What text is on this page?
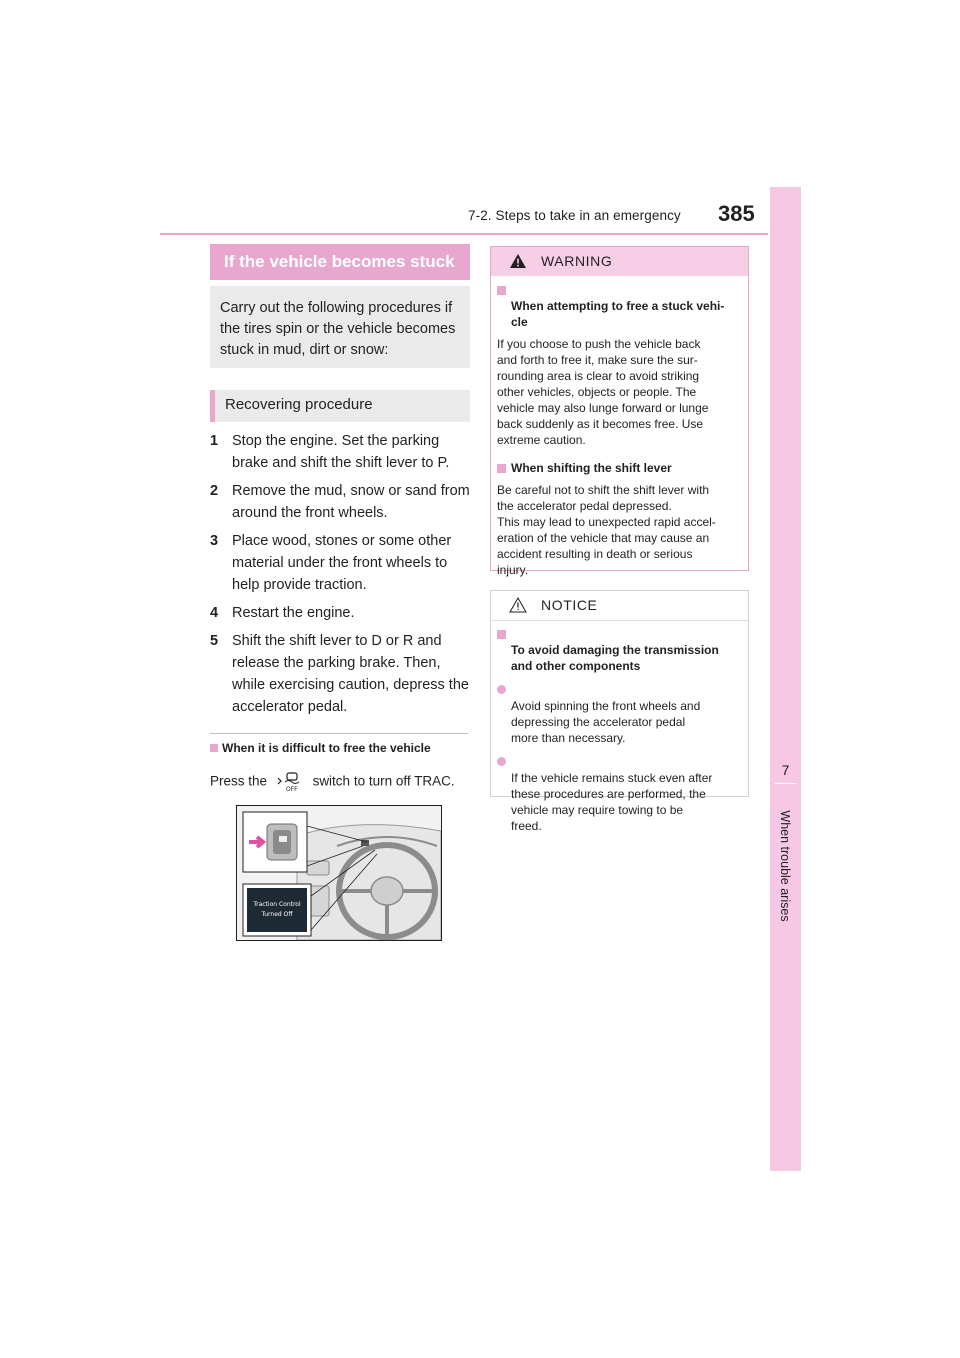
7-2. Steps to take in an emergency 385
7
When trouble arises
If the vehicle becomes stuck
Carry out the following procedures if the tires spin or the vehicle becomes stuck in mud, dirt or snow:
Recovering procedure
1 Stop the engine. Set the parking brake and shift the shift lever to P.
2 Remove the mud, snow or sand from around the front wheels.
3 Place wood, stones or some other material under the front wheels to help provide traction.
4 Restart the engine.
5 Shift the shift lever to D or R and release the parking brake. Then, while exercising caution, depress the accelerator pedal.
When it is difficult to free the vehicle
Press the
OFF
switch to turn off TRAC.
Traction Control
Turned Off
WARNING

When attempting to free a stuck vehi-
cle

If you choose to push the vehicle back
and forth to free it, make sure the sur-
rounding area is clear to avoid striking
other vehicles, objects or people. The
vehicle may also lunge forward or lunge
back suddenly as it becomes free. Use
extreme caution.
When shifting the shift lever
Be careful not to shift the shift lever with
the accelerator pedal depressed.
This may lead to unexpected rapid accel-
eration of the vehicle that may cause an
accident resulting in death or serious
injury.
NOTICE

To avoid damaging the transmission
and other components

Avoid spinning the front wheels and
depressing the accelerator pedal
more than necessary.

If the vehicle remains stuck even after
these procedures are performed, the
vehicle may require towing to be
freed.
